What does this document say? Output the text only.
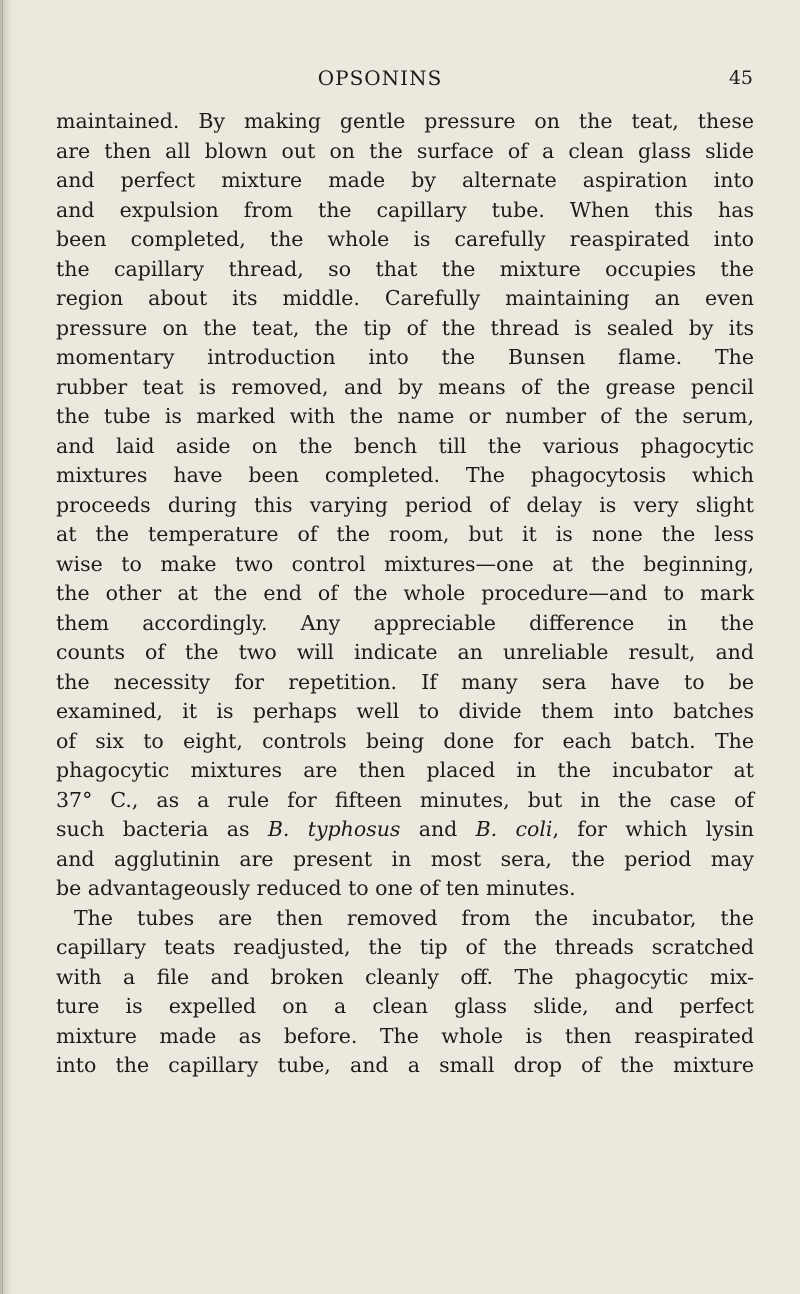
OPSONINS	45
maintained. By making gentle pressure on the teat, these
are then all blown out on the surface of a clean glass slide
and perfect mixture made by alternate aspiration into
and expulsion from the capillary tube. When this has
been completed, the whole is carefully reaspirated into
the capillary thread, so that the mixture occupies the
region about its middle. Carefully maintaining an even
pressure on the teat, the tip of the thread is sealed by its
momentary introduction into the Bunsen flame. The
rubber teat is removed, and by means of the grease pencil
the tube is marked with the name or number of the serum,
and laid aside on the bench till the various phagocytic
mixtures have been completed. The phagocytosis which
proceeds during this varying period of delay is very slight
at the temperature of the room, but it is none the less
wise to make two control mixtures—one at the beginning,
the other at the end of the whole procedure—and to mark
them accordingly. Any appreciable difference in the
counts of the two will indicate an unreliable result, and
the necessity for repetition. If many sera have to be
examined, it is perhaps well to divide them into batches
of six to eight, controls being done for each batch. The
phagocytic mixtures are then placed in the incubator at
37° C., as a rule for fifteen minutes, but in the case of
such bacteria as B. typhosus and B. coli, for which lysin
and agglutinin are present in most sera, the period may
be advantageously reduced to one of ten minutes.
The tubes are then removed from the incubator, the
capillary teats readjusted, the tip of the threads scratched
with a file and broken cleanly off. The phagocytic mix-
ture is expelled on a clean glass slide, and perfect
mixture made as before. The whole is then reaspirated
into the capillary tube, and a small drop of the mixture
